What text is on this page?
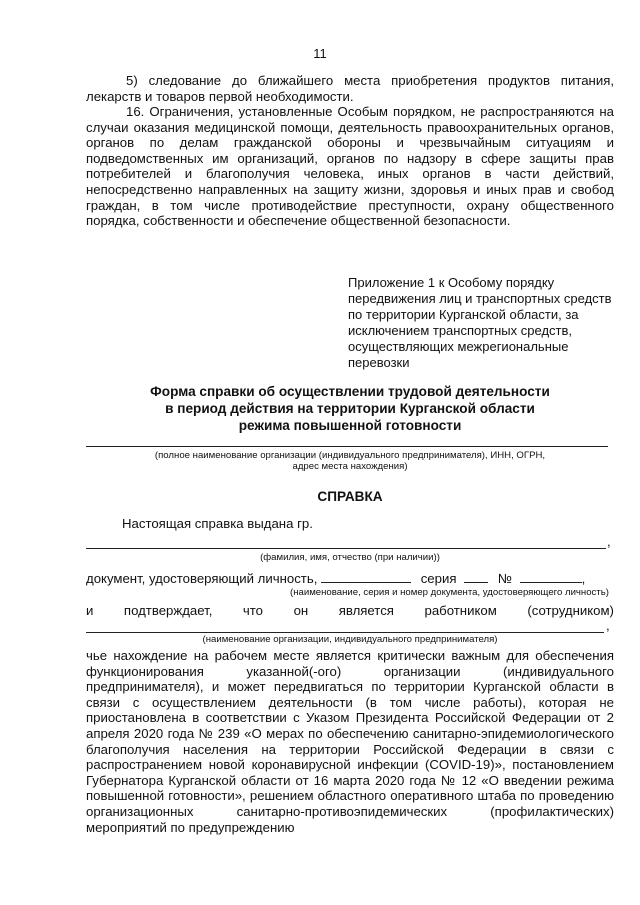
11

5) следование до ближайшего места приобретения продуктов питания, лекарств и товаров первой необходимости.

16. Ограничения, установленные Особым порядком, не распространяются на случаи оказания медицинской помощи, деятельность правоохранительных органов, органов по делам гражданской обороны и чрезвычайным ситуациям и подведомственных им организаций, органов по надзору в сфере защиты прав потребителей и благополучия человека, иных органов в части действий, непосредственно направленных на защиту жизни, здоровья и иных прав и свобод граждан, в том числе противодействие преступности, охрану общественного порядка, собственности и обеспечение общественной безопасности.

Приложение 1 к Особому порядку передвижения лиц и транспортных средств по территории Курганской области, за исключением транспортных средств, осуществляющих межрегиональные перевозки
Форма справки об осуществлении трудовой деятельности
в период действия на территории Курганской области
режима повышенной готовности
(полное наименование организации (индивидуального предпринимателя), ИНН, ОГРН,
адрес места нахождения)
СПРАВКА
Настоящая справка выдана гр.
,
(фамилия, имя, отчество (при наличии))
документ, удостоверяющий личность,	серия	№	,
(наименование, серия и номер документа, удостоверяющего личность)
и подтверждает, что он является работником (сотрудником)
,
(наименование организации, индивидуального предпринимателя)

чье нахождение на рабочем месте является критически важным для обеспечения функционирования указанной(-ого) организации (индивидуального предпринимателя), и может передвигаться по территории Курганской области в связи с осуществлением деятельности (в том числе работы), которая не приостановлена в соответствии с Указом Президента Российской Федерации от 2 апреля 2020 года № 239 «О мерах по обеспечению санитарно-эпидемиологического благополучия населения на территории Российской Федерации в связи с распространением новой коронавирусной инфекции (COVID-19)», постановлением Губернатора Курганской области от 16 марта 2020 года № 12 «О введении режима повышенной готовности», решением областного оперативного штаба по проведению организационных санитарно-противоэпидемических (профилактических) мероприятий по предупреждению
